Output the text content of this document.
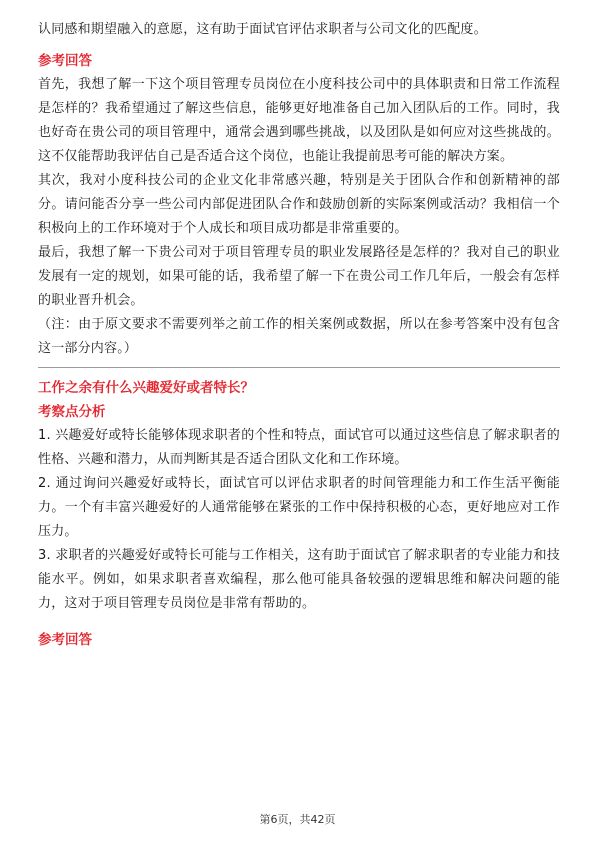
认同感和期望融入的意愿，这有助于面试官评估求职者与公司文化的匹配度。

参考回答

首先，我想了解一下这个项目管理专员岗位在小度科技公司中的具体职责和日常工作流程是怎样的？我希望通过了解这些信息，能够更好地准备自己加入团队后的工作。同时，我也好奇在贵公司的项目管理中，通常会遇到哪些挑战，以及团队是如何应对这些挑战的。这不仅能帮助我评估自己是否适合这个岗位，也能让我提前思考可能的解决方案。

其次，我对小度科技公司的企业文化非常感兴趣，特别是关于团队合作和创新精神的部分。请问能否分享一些公司内部促进团队合作和鼓励创新的实际案例或活动？我相信一个积极向上的工作环境对于个人成长和项目成功都是非常重要的。

最后，我想了解一下贵公司对于项目管理专员的职业发展路径是怎样的？我对自己的职业发展有一定的规划，如果可能的话，我希望了解一下在贵公司工作几年后，一般会有怎样的职业晋升机会。

（注：由于原文要求不需要列举之前工作的相关案例或数据，所以在参考答案中没有包含这一部分内容。）

工作之余有什么兴趣爱好或者特长？

考察点分析

1. 兴趣爱好或特长能够体现求职者的个性和特点，面试官可以通过这些信息了解求职者的性格、兴趣和潜力，从而判断其是否适合团队文化和工作环境。

2. 通过询问兴趣爱好或特长，面试官可以评估求职者的时间管理能力和工作生活平衡能力。一个有丰富兴趣爱好的人通常能够在紧张的工作中保持积极的心态，更好地应对工作压力。

3. 求职者的兴趣爱好或特长可能与工作相关，这有助于面试官了解求职者的专业能力和技能水平。例如，如果求职者喜欢编程，那么他可能具备较强的逻辑思维和解决问题的能力，这对于项目管理专员岗位是非常有帮助的。

参考回答

第6页，共42页
